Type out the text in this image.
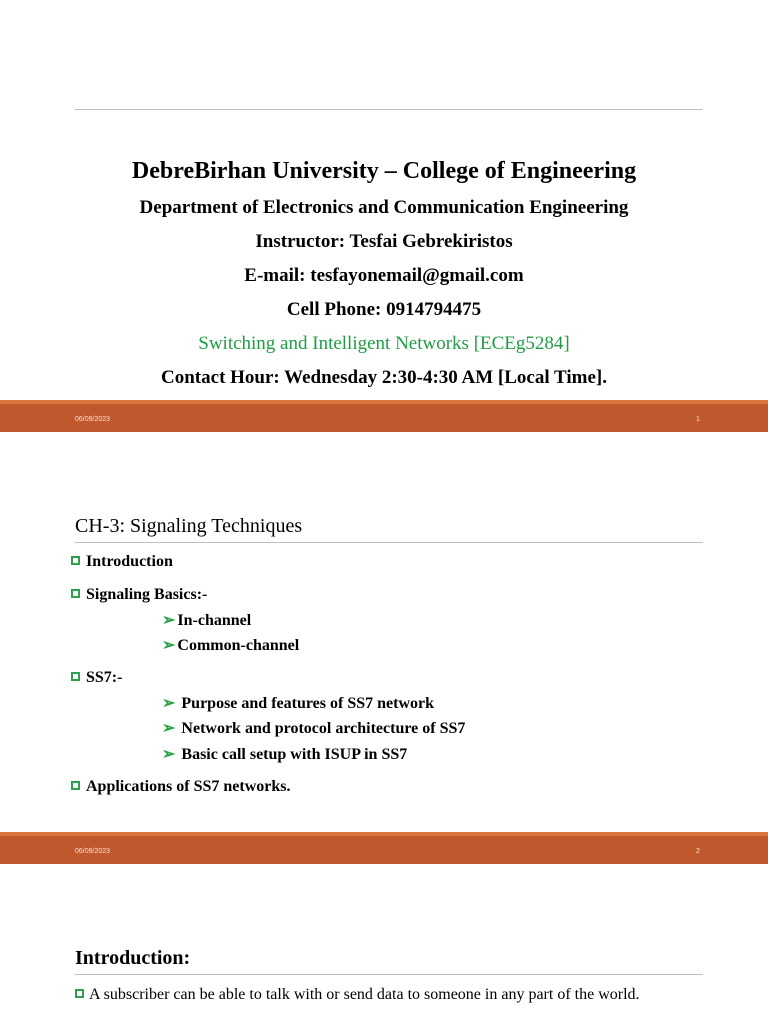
DebreBirhan University – College of Engineering
Department of Electronics and Communication Engineering
Instructor: Tesfai Gebrekiristos
E-mail: tesfayonemail@gmail.com
Cell Phone: 0914794475
Switching and Intelligent Networks [ECEg5284]
Contact Hour: Wednesday 2:30-4:30 AM [Local Time].
06/09/2023	1
CH-3: Signaling Techniques
Introduction
Signaling Basics:-
➢ In-channel
➢ Common-channel
SS7:-
➢ Purpose and features of SS7 network
➢ Network and protocol architecture of SS7
➢ Basic call setup with ISUP in SS7
Applications of SS7 networks.
06/09/2023	2
Introduction:
A subscriber can be able to talk with or send data to someone in any part of the world.
